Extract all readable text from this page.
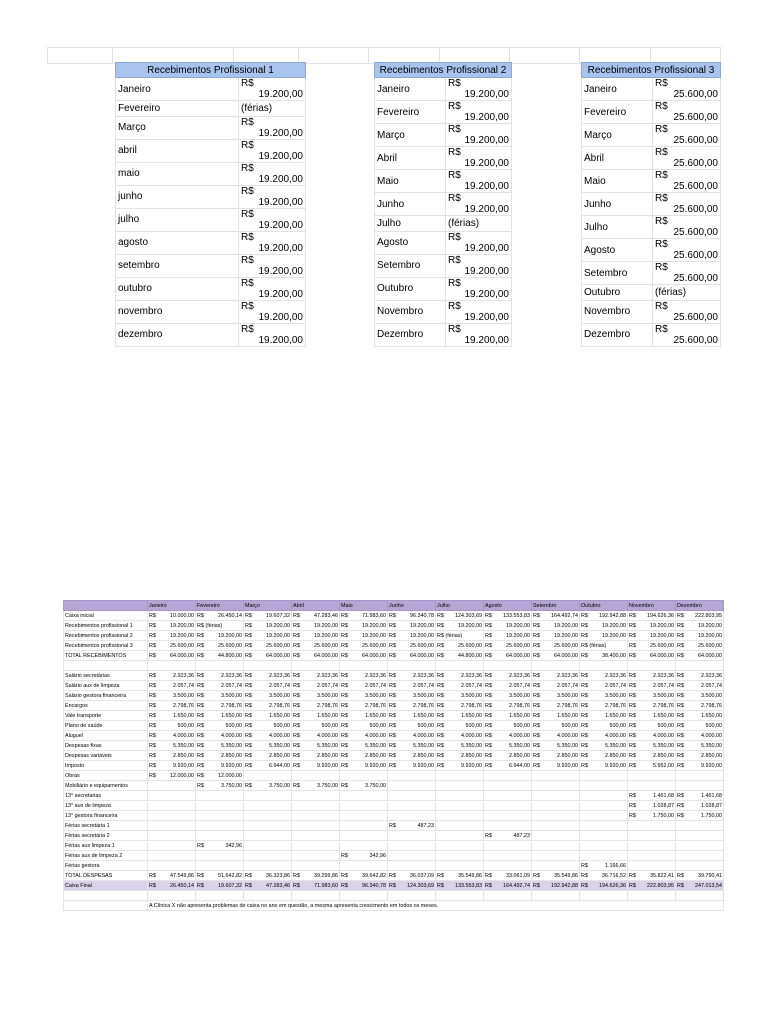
Recebimentos Profissional 1	
Janeiro	R$
19.200,00

Fevereiro	(férias)
Março	R$
19.200,00

abril	R$
19.200,00

maio	R$
19.200,00

junho	R$
19.200,00

julho	R$
19.200,00

agosto	R$
19.200,00

setembro	R$
19.200,00

outubro	R$
19.200,00

novembro	R$
19.200,00

dezembro	R$
19.200,00
Recebimentos Profissional 2	
Janeiro	R$
19.200,00

Fevereiro	R$
19.200,00

Março	R$
19.200,00

Abril	R$
19.200,00

Maio	R$
19.200,00

Junho	R$
19.200,00

Julho	(férias)
Agosto	R$
19.200,00

Setembro	R$
19.200,00

Outubro	R$
19.200,00

Novembro	R$
19.200,00

Dezembro	R$
19.200,00
Recebimentos Profissional 3	
Janeiro	R$
25.600,00

Fevereiro	R$
25.600,00

Março	R$
25.600,00

Abril	R$
25.600,00

Maio	R$
25.600,00

Junho	R$
25.600,00

Julho	R$
25.600,00

Agosto	R$
25.600,00

Setembro	R$
25.600,00

Outubro	(férias)
Novembro	R$
25.600,00

Dezembro	R$
25.600,00
	Janeiro	Fevereiro	Março	Abril	Maio	Junho	Julho	Agosto	Setembro	Outubro	Novembro	Dezembro
Caixa inicial	R$ 10.000,00	R$ 26.450,14	R$ 19.607,32	R$ 47.283,46	R$ 71.983,60	R$ 96.340,78	R$ 124.303,69	R$ 133.553,83	R$ 164.492,74	R$ 192.942,88	R$ 194.626,36	R$ 222.803,95
Recebimentos profissional 1	R$ 19.200,00	R$ (férias)	R$ 19.200,00	R$ 19.200,00	R$ 19.200,00	R$ 19.200,00	R$ 19.200,00	R$ 19.200,00	R$ 19.200,00	R$ 19.200,00	R$ 19.200,00	R$ 19.200,00
Recebimentos profissional 2	R$ 19.200,00	R$ 19.200,00	R$ 19.200,00	R$ 19.200,00	R$ 19.200,00	R$ 19.200,00	R$ (férias)	R$ 19.200,00	R$ 19.200,00	R$ 19.200,00	R$ 19.200,00	R$ 19.200,00
Recebimentos profissional 3	R$ 25.600,00	R$ 25.600,00	R$ 25.600,00	R$ 25.600,00	R$ 25.600,00	R$ 25.600,00	R$ 25.600,00	R$ 25.600,00	R$ 25.600,00	R$ (férias)	R$ 25.600,00	R$ 25.600,00
TOTAL RECEBIMENTOS	R$ 64.000,00	R$ 44.800,00	R$ 64.000,00	R$ 64.000,00	R$ 64.000,00	R$ 64.000,00	R$ 44.800,00	R$ 64.000,00	R$ 64.000,00	R$ 38.400,00	R$ 64.000,00	R$ 64.000,00

Salário secretárias	R$ 2.923,36	R$ 2.923,36	R$ 2.923,36	R$ 2.923,36	R$ 2.923,36	R$ 2.923,36	R$ 2.923,36	R$ 2.923,36	R$ 2.923,36	R$ 2.923,36	R$ 2.923,36	R$ 2.923,36
Salário aux de limpeza	R$ 2.057,74	R$ 2.057,74	R$ 2.057,74	R$ 2.057,74	R$ 2.057,74	R$ 2.057,74	R$ 2.057,74	R$ 2.057,74	R$ 2.057,74	R$ 2.057,74	R$ 2.057,74	R$ 2.057,74
Salário gestora financeira	R$ 3.500,00	R$ 3.500,00	R$ 3.500,00	R$ 3.500,00	R$ 3.500,00	R$ 3.500,00	R$ 3.500,00	R$ 3.500,00	R$ 3.500,00	R$ 3.500,00	R$ 3.500,00	R$ 3.500,00
Encargos	R$ 2.798,76	R$ 2.798,76	R$ 2.798,76	R$ 2.798,76	R$ 2.798,76	R$ 2.798,76	R$ 2.798,76	R$ 2.798,76	R$ 2.798,76	R$ 2.798,76	R$ 2.798,76	R$ 2.798,76
Vale transporte	R$ 1.650,00	R$ 1.650,00	R$ 1.650,00	R$ 1.650,00	R$ 1.650,00	R$ 1.650,00	R$ 1.650,00	R$ 1.650,00	R$ 1.650,00	R$ 1.650,00	R$ 1.650,00	R$ 1.650,00
Plano de saúde	R$ 500,00	R$ 500,00	R$ 500,00	R$ 500,00	R$ 500,00	R$ 500,00	R$ 500,00	R$ 500,00	R$ 500,00	R$ 500,00	R$ 500,00	R$ 500,00
Aluguel	R$ 4.000,00	R$ 4.000,00	R$ 4.000,00	R$ 4.000,00	R$ 4.000,00	R$ 4.000,00	R$ 4.000,00	R$ 4.000,00	R$ 4.000,00	R$ 4.000,00	R$ 4.000,00	R$ 4.000,00
Despesas fixas	R$ 5.350,00	R$ 5.350,00	R$ 5.350,00	R$ 5.350,00	R$ 5.350,00	R$ 5.350,00	R$ 5.350,00	R$ 5.350,00	R$ 5.350,00	R$ 5.350,00	R$ 5.350,00	R$ 5.350,00
Despesas variáveis	R$ 2.850,00	R$ 2.850,00	R$ 2.850,00	R$ 2.850,00	R$ 2.850,00	R$ 2.850,00	R$ 2.850,00	R$ 2.850,00	R$ 2.850,00	R$ 2.850,00	R$ 2.850,00	R$ 2.850,00
Imposto	R$ 9.920,00	R$ 9.920,00	R$ 6.944,00	R$ 9.920,00	R$ 9.920,00	R$ 9.920,00	R$ 9.920,00	R$ 6.944,00	R$ 9.920,00	R$ 9.920,00	R$ 5.952,00	R$ 9.920,00
Obras	R$ 12.000,00	R$ 12.000,00										
Mobiliário e equipamentos		R$ 3.750,00	R$ 3.750,00	R$ 3.750,00	R$ 3.750,00							
13° secretarias											R$ 1.461,68	R$ 1.461,68
13° aux de limpeza											R$ 1.028,87	R$ 1.028,87
13° gestora financeira											R$ 1.750,00	R$ 1.750,00
Férias secretária 1						R$ 487,23						
Férias secretária 2								R$ 487,23				
Férias aux limpeza 1		R$ 342,96										
Férias aux de limpeza 2					R$ 342,96							
Férias gestora										R$ 1.166,66		
TOTAL DESPESAS	R$ 47.549,86	R$ 51.642,82	R$ 36.323,86	R$ 39.299,86	R$ 39.642,82	R$ 36.037,09	R$ 35.549,86	R$ 33.061,09	R$ 35.549,86	R$ 36.716,52	R$ 35.822,41	R$ 39.790,41
Caixa Final	R$ 26.450,14	R$ 19.607,32	R$ 47.283,46	R$ 71.983,60	R$ 96.340,78	R$ 124.303,69	R$ 133.553,83	R$ 164.492,74	R$ 192.942,88	R$ 194.626,36	R$ 222.803,95	R$ 247.013,54

	A Clínica X não apresenta problemas de caixa no ano em questão, a mesma apresenta crescimento em todos os meses.											
